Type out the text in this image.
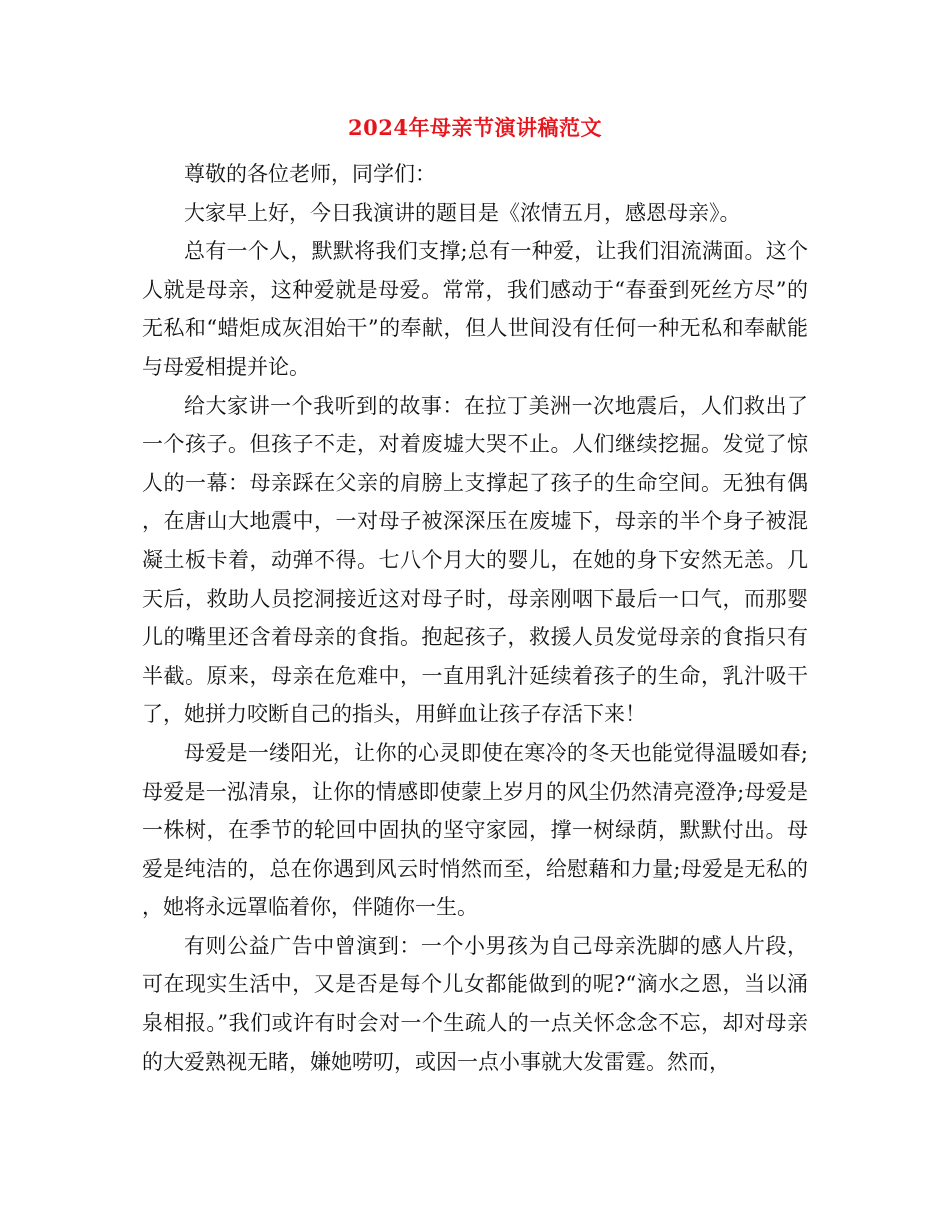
2024年母亲节演讲稿范文

尊敬的各位老师，同学们：

大家早上好，今日我演讲的题目是《浓情五月，感恩母亲》。

总有一个人，默默将我们支撑;总有一种爱，让我们泪流满面。这个人就是母亲，这种爱就是母爱。常常，我们感动于“春蚕到死丝方尽”的 无私和“蜡炬成灰泪始干”的奉献，但人世间没有任何一种无私和奉献能与母爱相提并论。

给大家讲一个我听到的故事：在拉丁美洲一次地震后，人们救出了一个孩子。但孩子不走，对着废墟大哭不止。人们继续挖掘。发觉了惊人的一幕：母亲踩在父亲的肩膀上支撑起了孩子的生命空间。无独有偶，在唐山大地震中，一对母子被深深压在废墟下，母亲的半个身子被混凝土板卡着，动弹不得。七八个月大的婴儿，在她的身下安然无恙。几天后，救助人员挖洞接近这对母子时，母亲刚咽下最后一口气，而那婴儿的嘴里还含着母亲的食指。抱起孩子，救援人员发觉母亲的食指只有半截。原来，母亲在危难中，一直用乳汁延续着孩子的生命，乳汁吸干了，她拼力咬断自己的指头，用鲜血让孩子存活下来！

母爱是一缕阳光，让你的心灵即使在寒冷的冬天也能觉得温暖如春;母爱是一泓清泉，让你的情感即使蒙上岁月的风尘仍然清亮澄净;母爱是一株树，在季节的轮回中固执的坚守家园，撑一树绿荫，默默付出。母爱是纯洁的，总在你遇到风云时悄然而至，给慰藉和力量;母爱是无私的，她将永远罩临着你，伴随你一生。

有则公益广告中曾演到：一个小男孩为自己母亲洗脚的感人片段，可在现实生活中，又是否是每个儿女都能做到的呢?“滴水之恩，当以涌泉相报。”我们或许有时会对一个生疏人的一点关怀念念不忘，却对母亲的大爱熟视无睹，嫌她唠叨，或因一点小事就大发雷霆。然而，
